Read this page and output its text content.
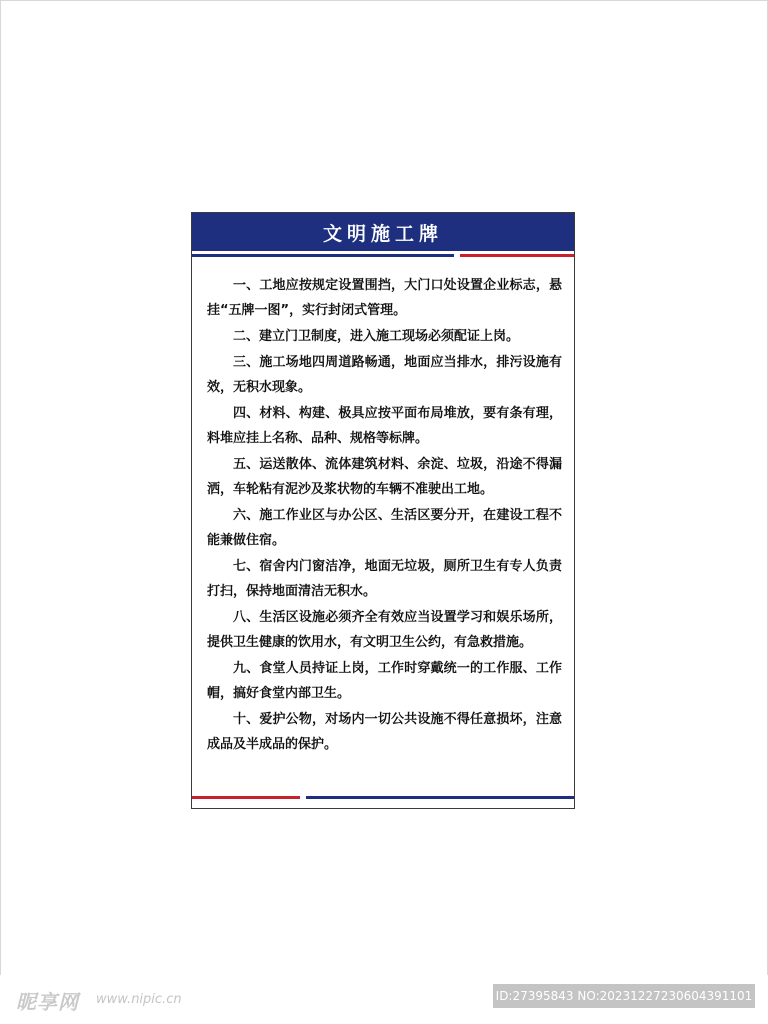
文明施工牌
一、工地应按规定设置围挡，大门口处设置企业标志，悬挂“五牌一图”，实行封闭式管理。
二、建立门卫制度，进入施工现场必须配证上岗。
三、施工场地四周道路畅通，地面应当排水，排污设施有效，无积水现象。
四、材料、构建、极具应按平面布局堆放，要有条有理，料堆应挂上名称、品种、规格等标牌。
五、运送散体、流体建筑材料、余淀、垃圾，沿途不得漏洒，车轮粘有泥沙及浆状物的车辆不准驶出工地。
六、施工作业区与办公区、生活区要分开，在建设工程不能兼做住宿。
七、宿舍内门窗洁净，地面无垃圾，厕所卫生有专人负责打扫，保持地面清洁无积水。
八、生活区设施必须齐全有效应当设置学习和娱乐场所，提供卫生健康的饮用水，有文明卫生公约，有急救措施。
九、食堂人员持证上岗，工作时穿戴统一的工作服、工作帽，搞好食堂内部卫生。
十、爱护公物，对场内一切公共设施不得任意损坏，注意成品及半成品的保护。
昵享网 www.nipic.cn	ID:27395843 NO:20231227230604391101
